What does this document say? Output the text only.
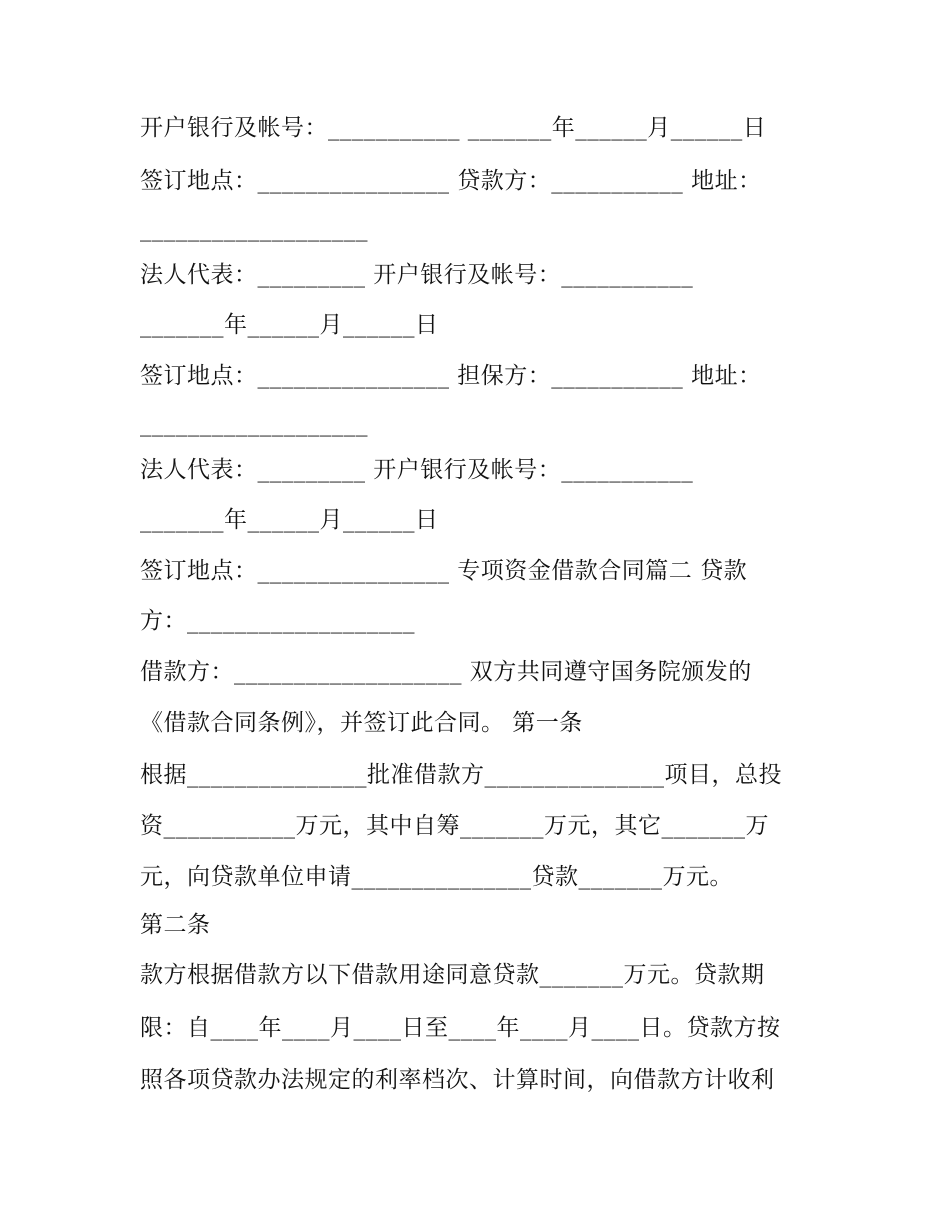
开户银行及帐号：___________ _______年______月______日
签订地点：________________ 贷款方：___________ 地址：
___________________
法人代表：_________ 开户银行及帐号：___________
_______年______月______日
签订地点：________________ 担保方：___________ 地址：
___________________
法人代表：_________ 开户银行及帐号：___________
_______年______月______日
签订地点：________________ 专项资金借款合同篇二 贷款
方：___________________
借款方：___________________ 双方共同遵守国务院颁发的
《借款合同条例》，并签订此合同。 第一条
根据_______________批准借款方_______________项目，总投
资___________万元，其中自筹_______万元，其它_______万
元，向贷款单位申请_______________贷款_______万元。
第二条
款方根据借款方以下借款用途同意贷款_______万元。贷款期
限：自____年____月____日至____年____月____日。贷款方按
照各项贷款办法规定的利率档次、计算时间，向借款方计收利
